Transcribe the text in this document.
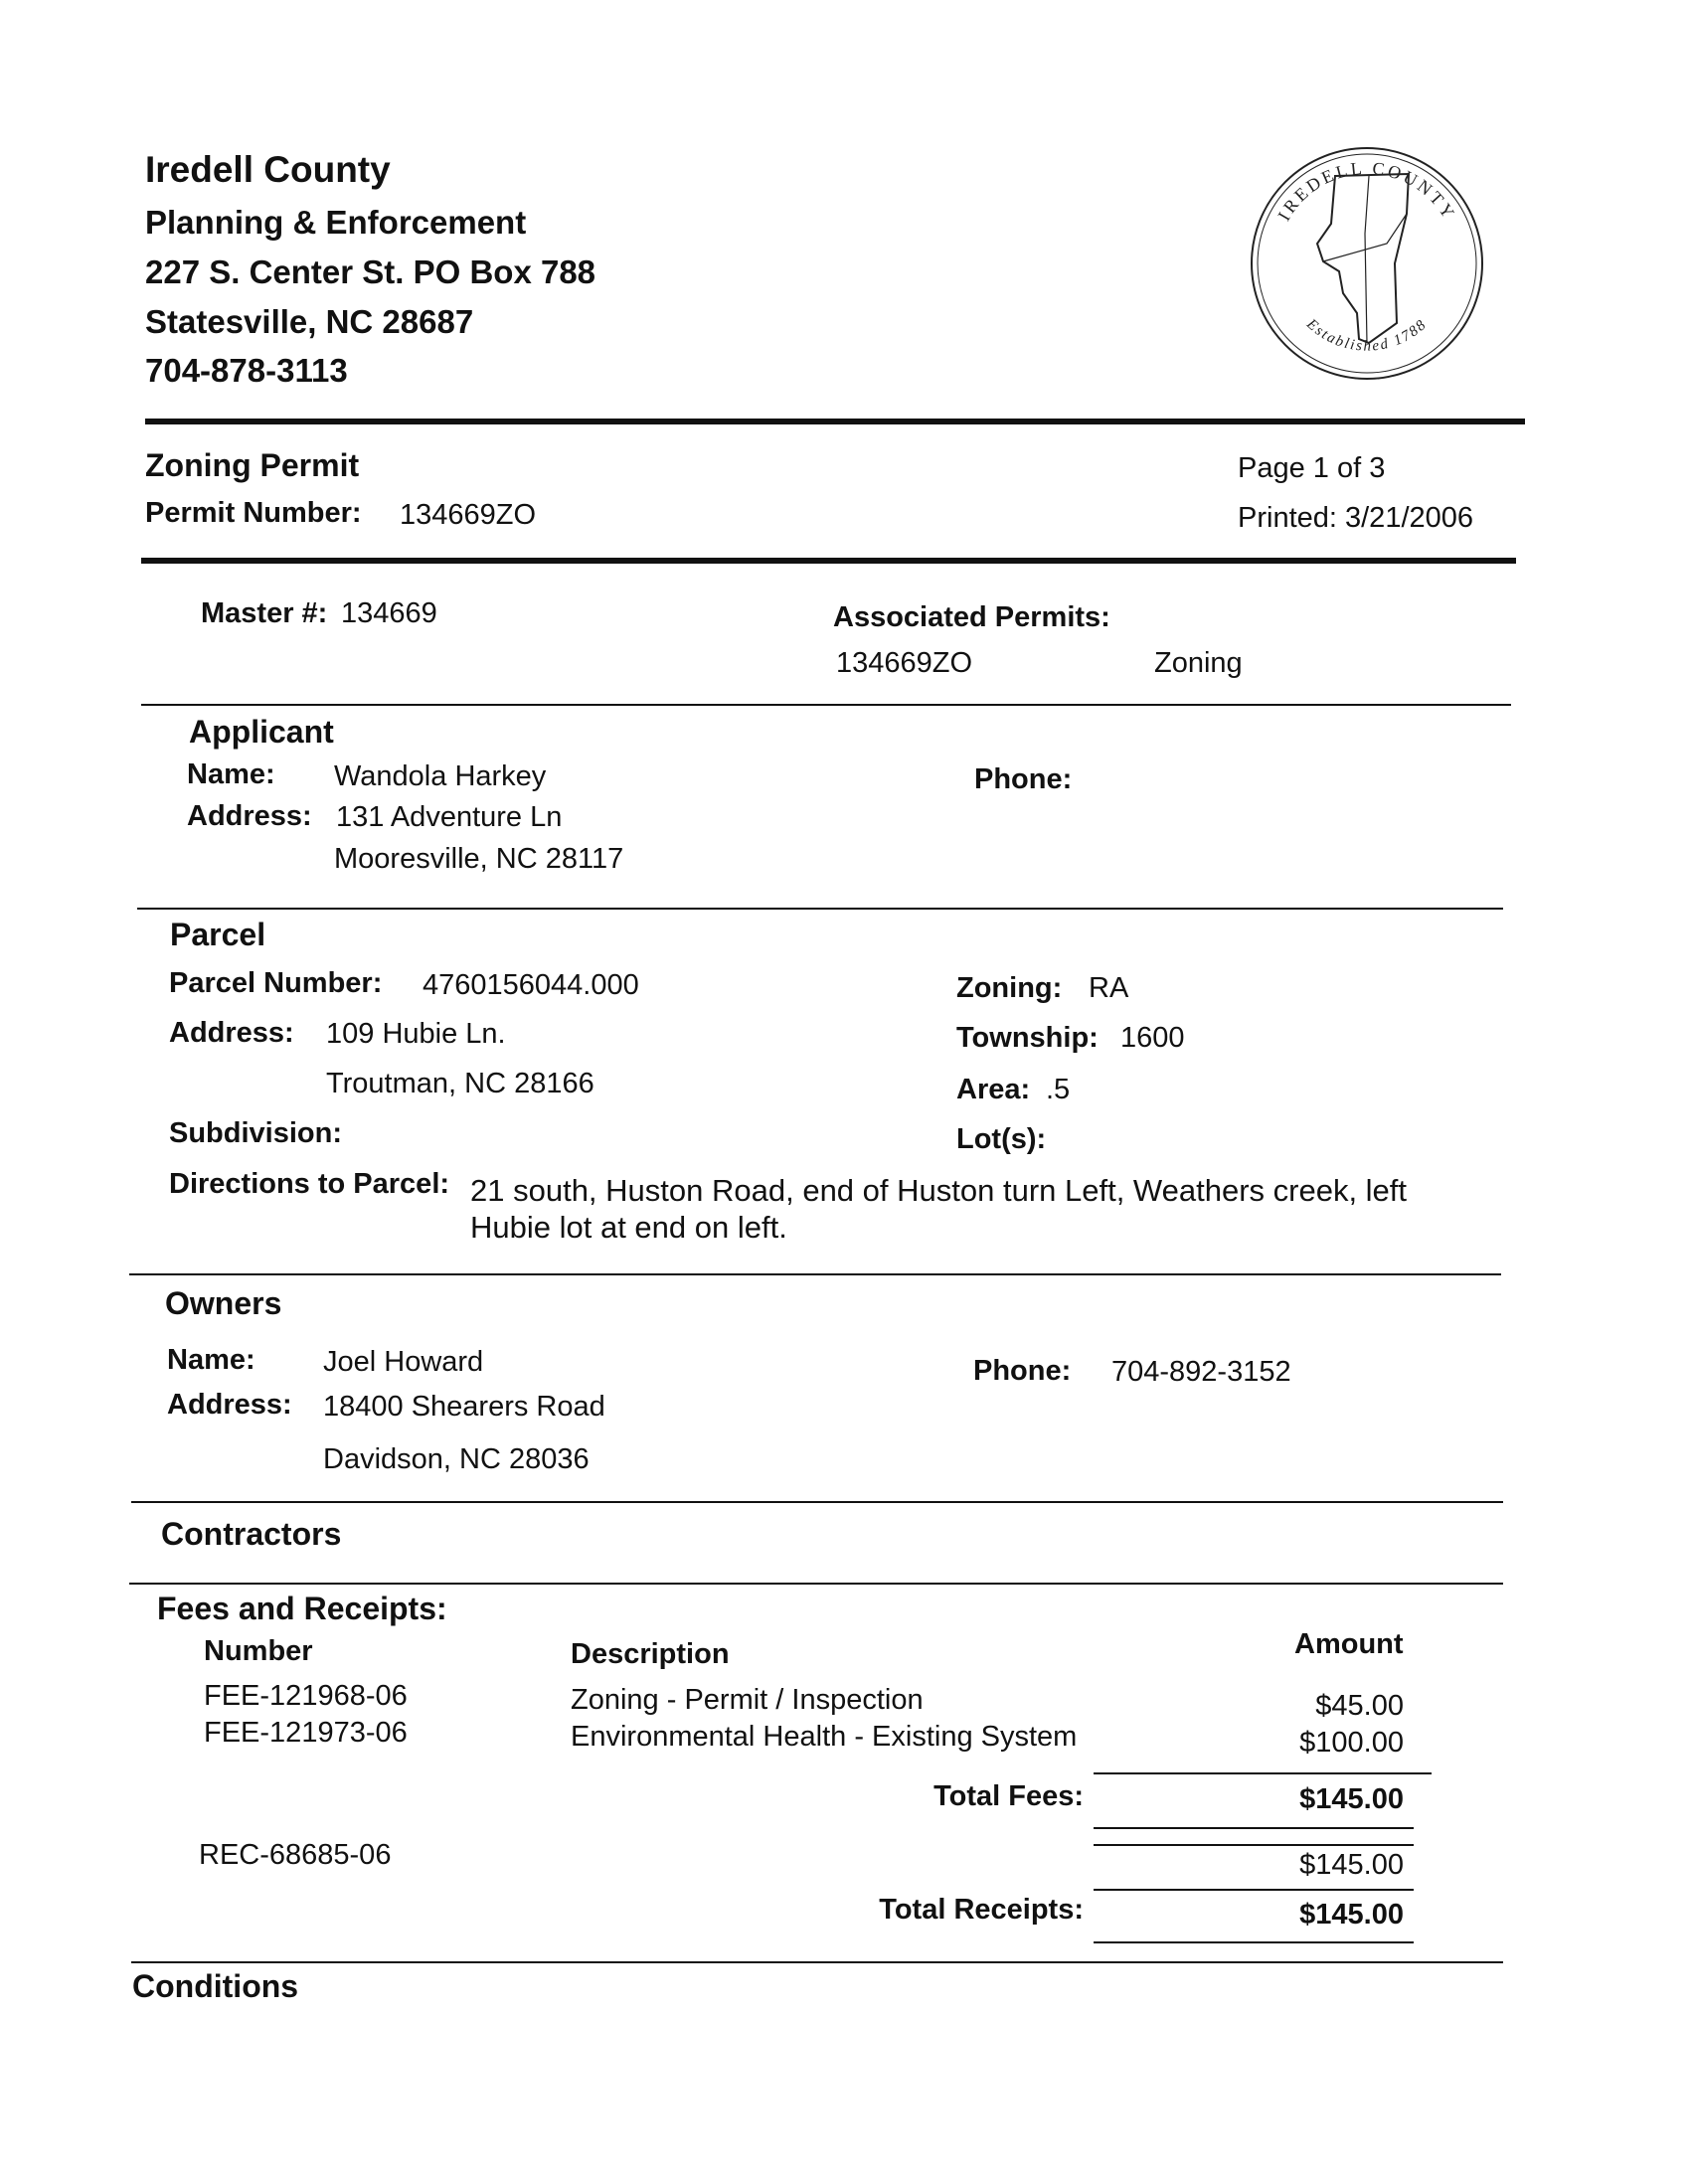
Iredell County
Planning & Enforcement
227 S. Center St. PO Box 788
Statesville, NC 28687
704-878-3113
IREDELL COUNTY
Established 1788
Zoning Permit
Permit Number: 134669ZO
Page 1 of 3
Printed: 3/21/2006
Master #: 134669	Associated Permits:
134669ZO	Zoning
Applicant
Name: Wandola Harkey
Address: 131 Adventure Ln
Mooresville, NC 28117
Phone:
Parcel
Parcel Number: 4760156044.000
Address: 109 Hubie Ln.
Troutman, NC 28166
Subdivision:
Zoning: RA
Township: 1600
Area: .5
Lot(s):
Directions to Parcel: 21 south, Huston Road, end of Huston turn Left, Weathers creek, left
Hubie lot at end on left.
Owners
Name: Joel Howard
Address: 18400 Shearers Road
Davidson, NC 28036
Phone: 704-892-3152
Contractors
Fees and Receipts:
Number	Description	Amount
FEE-121968-06	Zoning - Permit / Inspection	$45.00
FEE-121973-06	Environmental Health - Existing System	$100.00
Total Fees:	$145.00
REC-68685-06	$145.00
Total Receipts:	$145.00
Conditions
